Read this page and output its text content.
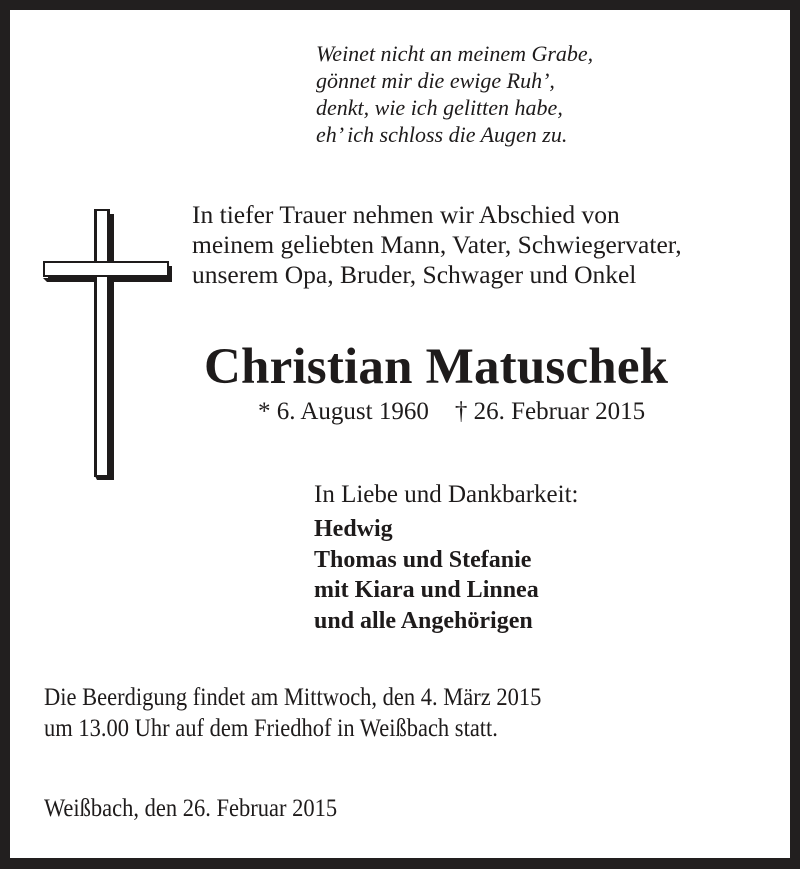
Weinet nicht an meinem Grabe,
gönnet mir die ewige Ruh’,
denkt, wie ich gelitten habe,
eh’ ich schloss die Augen zu.
In tiefer Trauer nehmen wir Abschied von
meinem geliebten Mann, Vater, Schwiegervater,
unserem Opa, Bruder, Schwager und Onkel
Christian Matuschek
* 6. August 1960 † 26. Februar 2015
In Liebe und Dankbarkeit:
Hedwig
Thomas und Stefanie
mit Kiara und Linnea
und alle Angehörigen
Die Beerdigung findet am Mittwoch, den 4. März 2015
um 13.00 Uhr auf dem Friedhof in Weißbach statt.
Weißbach, den 26. Februar 2015
